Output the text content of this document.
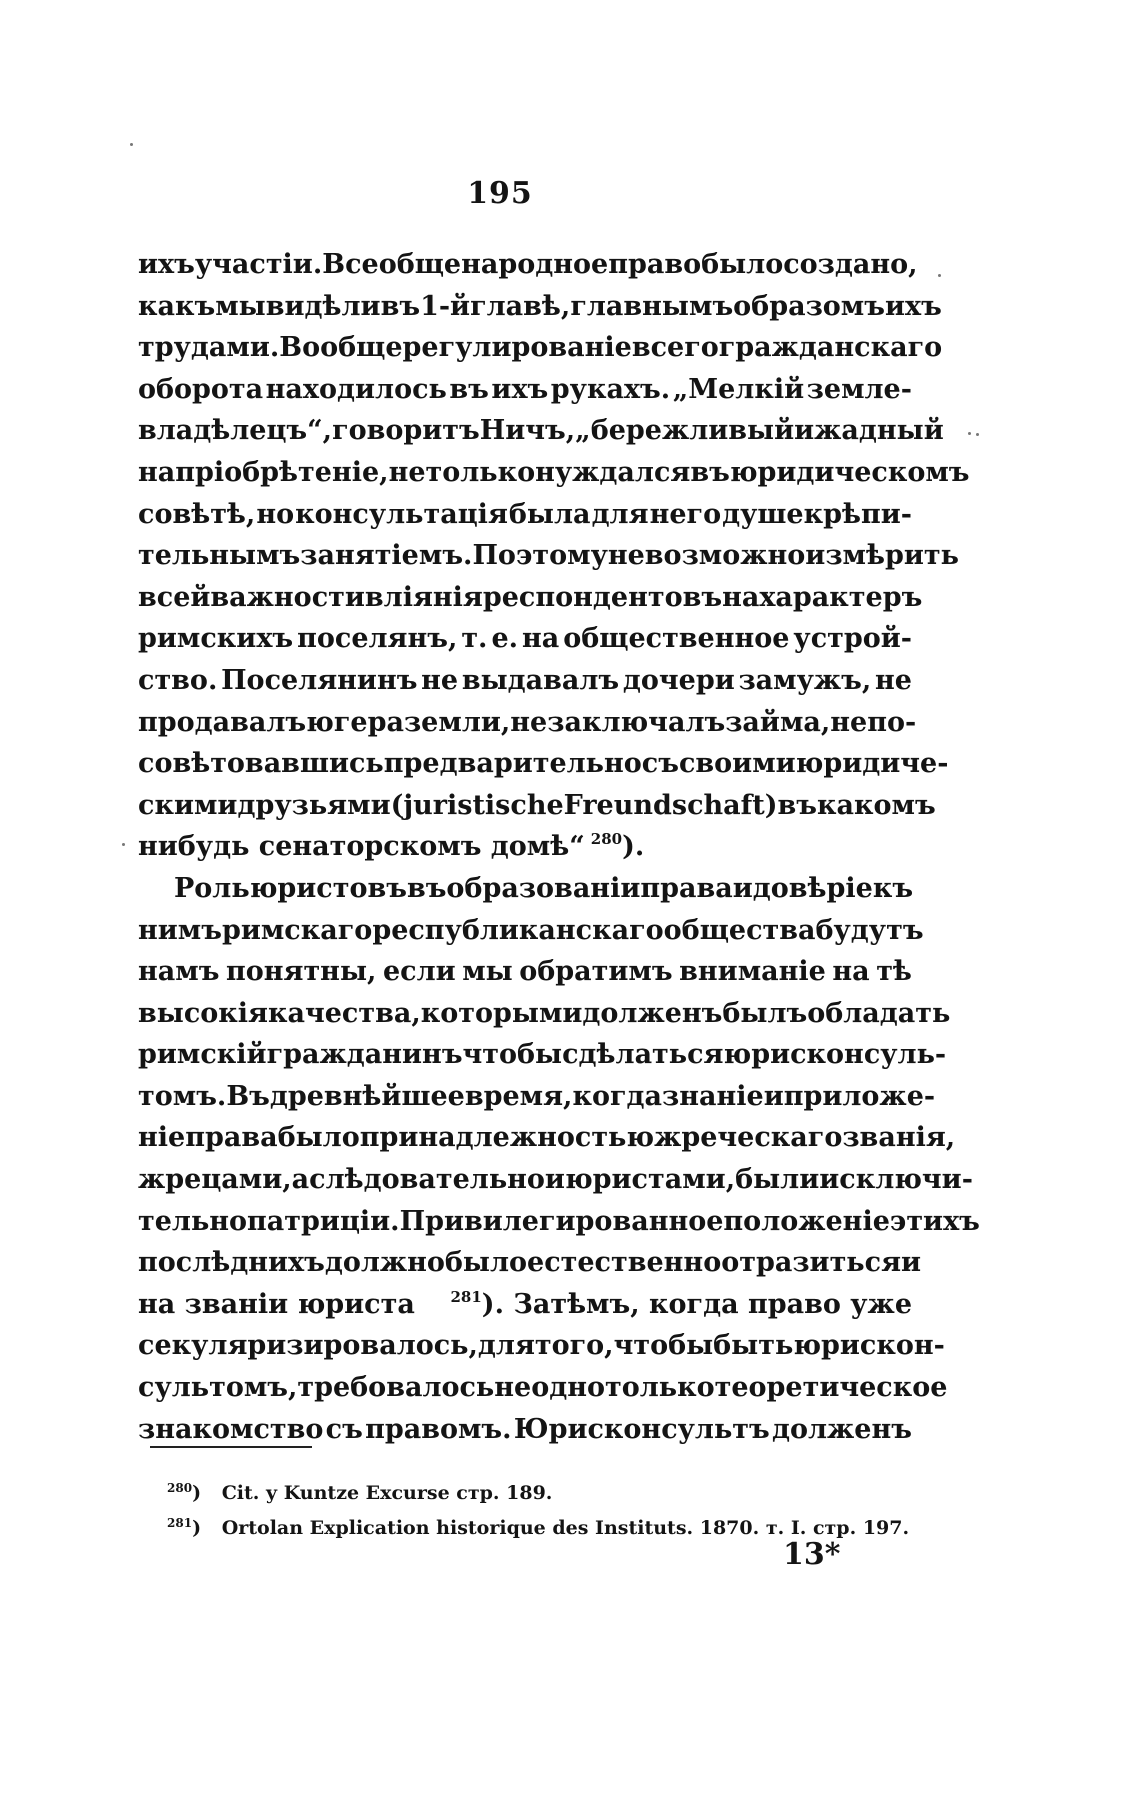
195
ихъ участіи. Все общенародное право было создано,
какъ мы видѣли въ 1-й главѣ, главнымъ образомъ ихъ
трудами. Вообще регулированіе всего гражданскаго
оборота находилось въ ихъ рукахъ. „Мелкій земле-
владѣлецъ“, говоритъ Ничъ, „бережливый и жадный
на пріобрѣтеніе, нетолько нуждался въ юридическомъ
совѣтѣ, но консультація была для него душекрѣпи-
тельнымъ занятіемъ. Поэтому невозможно измѣрить
всей важности вліянія респондентовъ на характеръ
римскихъ поселянъ, т. е. на общественное устрой-
ство. Поселянинъ не выдавалъ дочери замужъ, не
продавалъ югера земли, не заключалъ займа, не по-
совѣтовавшись предварительно съ своими юридиче-
скими друзьями (juristische Freundschaft) въ какомъ
нибудь сенаторскомъ домѣ“ $^{280}$).
Роль юристовъ въ образованіи права и довѣріе къ
нимъ римскаго республиканскаго общества будутъ
намъ понятны, если мы обратимъ вниманіе на тѣ
высокія качества, которыми долженъ былъ обладать
римскій гражданинъ чтобы сдѣлаться юрисконсуль-
томъ. Въ древнѣйшее время, когда знаніе и приложе-
ніе права было принадлежностью жреческаго званія,
жрецами, а слѣдовательно и юристами, были исключи-
тельно патриціи. Привилегированное положеніе этихъ
послѣднихъ должно было естественно отразиться и
на званіи юриста $^{281}$). Затѣмъ, когда право уже
секуляризировалось, для того, чтобы быть юрискон-
сультомъ, требовалось не одно только теоретическое
знакомство съ правомъ. Юрисконсультъ долженъ
$^{280}$) Cit. y Kuntze Excurse стр. 189.
$^{281}$) Ortolan Explication historique des Instituts. 1870. т. I. стр. 197.
13*
